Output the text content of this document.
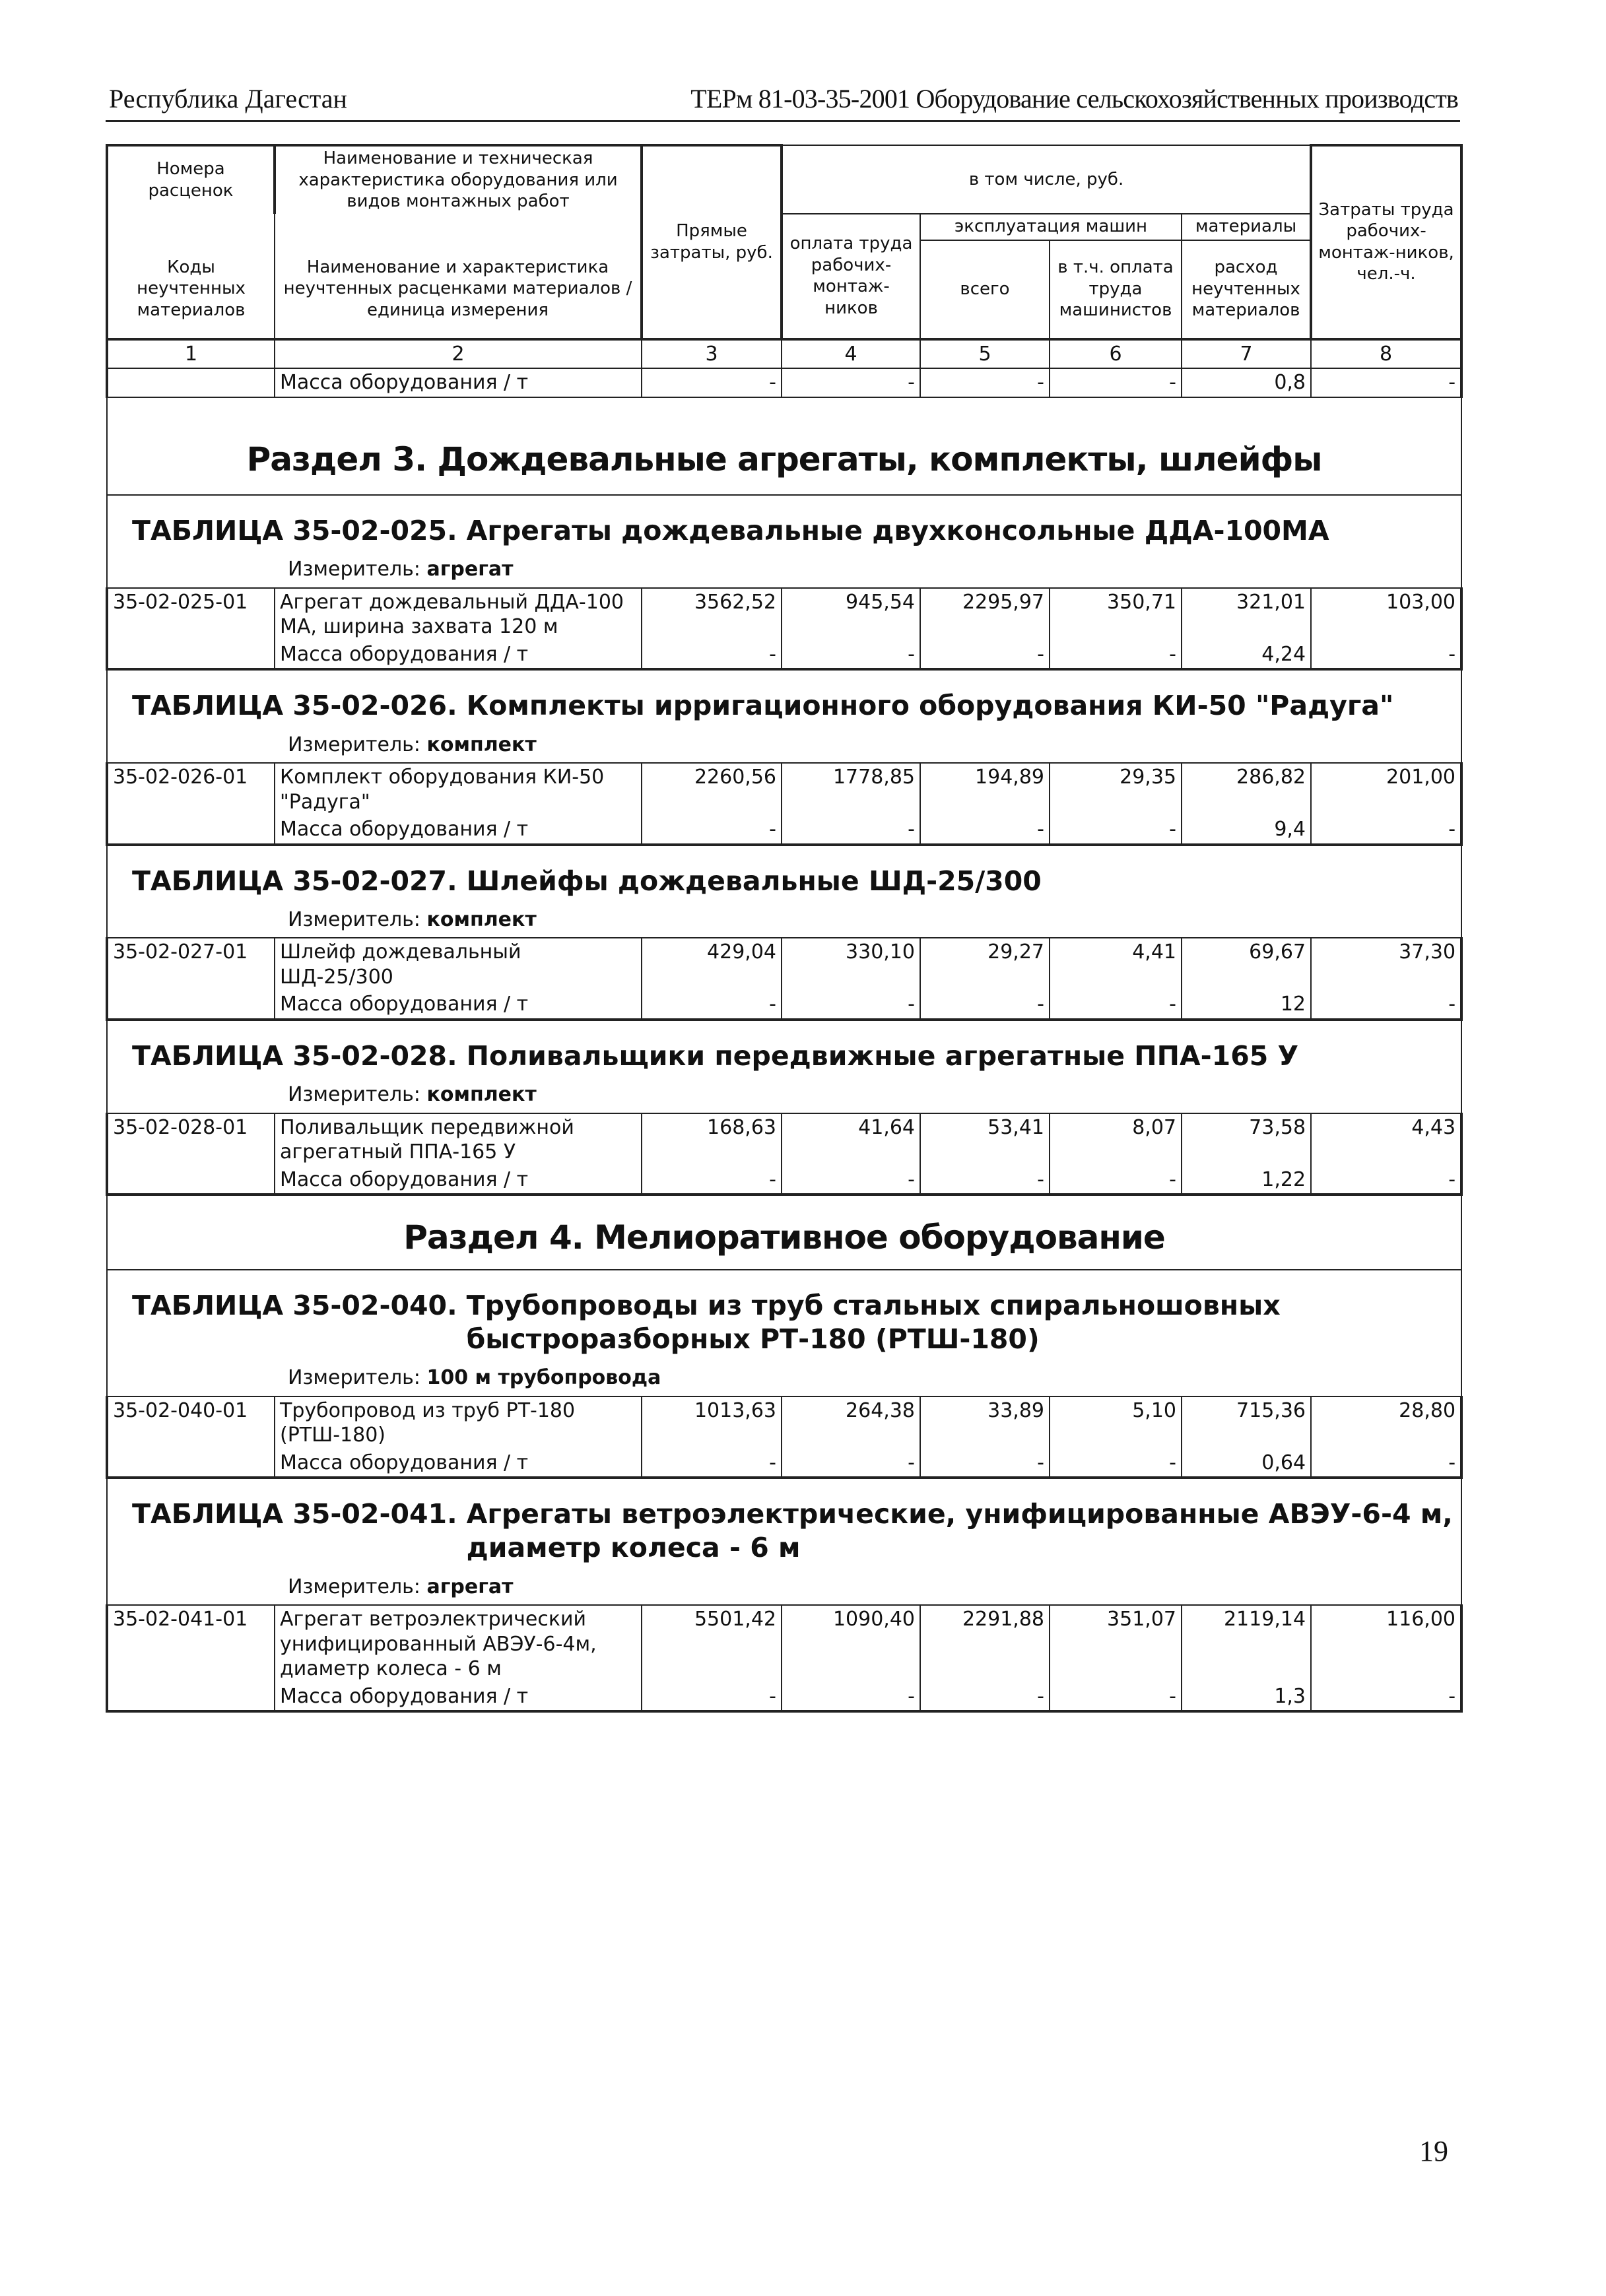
Республика Дагестан	ТЕРм 81-03-35-2001 Оборудование сельскохозяйственных производств
Номера расценок	Наименование и техническая характеристика оборудования или видов монтажных работ	Прямые затраты, руб.	в том числе, руб.				Затраты труда рабочих-монтаж-ников, чел.-ч.
			оплата труда рабочих-монтаж-ников	эксплуатация машин		материалы	
Коды неучтенных материалов	Наименование и характеристика неучтенных расценками материалов / единица измерения			всего	в т.ч. оплата труда машинистов	расход неучтенных материалов	
1	2	3	4	5	6	7	8
	Масса оборудования / т	-	-	-	-	0,8	-

Раздел 3. Дождевальные агрегаты, комплекты, шлейфы							

ТАБЛИЦА 35-02-025. Агрегаты дождевальные двухконсольные ДДА-100МА
Измеритель: агрегат							

35-02-025-01	Агрегат дождевальный ДДА-100 МА, ширина захвата 120 м	3562,52	945,54	2295,97	350,71	321,01	103,00
	Масса оборудования / т	-	-	-	-	4,24	-

ТАБЛИЦА 35-02-026. Комплекты ирригационного оборудования КИ-50 "Радуга"
Измеритель: комплект							

35-02-026-01	Комплект оборудования КИ-50 "Радуга"	2260,56	1778,85	194,89	29,35	286,82	201,00
	Масса оборудования / т	-	-	-	-	9,4	-

ТАБЛИЦА 35-02-027. Шлейфы дождевальные ШД-25/300
Измеритель: комплект							

35-02-027-01	Шлейф дождевальный ШД-25/300	429,04	330,10	29,27	4,41	69,67	37,30
	Масса оборудования / т	-	-	-	-	12	-

ТАБЛИЦА 35-02-028. Поливальщики передвижные агрегатные ППА-165 У
Измеритель: комплект							

35-02-028-01	Поливальщик передвижной агрегатный ППА-165 У	168,63	41,64	53,41	8,07	73,58	4,43
	Масса оборудования / т	-	-	-	-	1,22	-

Раздел 4. Мелиоративное оборудование							

ТАБЛИЦА 35-02-040. Трубопроводы из труб стальных спиральношовных быстроразборных РТ-180 (РТШ-180)
Измеритель: 100 м трубопровода							

35-02-040-01	Трубопровод из труб РТ-180 (РТШ-180)	1013,63	264,38	33,89	5,10	715,36	28,80
	Масса оборудования / т	-	-	-	-	0,64	-

ТАБЛИЦА 35-02-041. Агрегаты ветроэлектрические, унифицированные АВЭУ-6-4 м, диаметр колеса - 6 м
Измеритель: агрегат							

35-02-041-01	Агрегат ветроэлектрический унифицированный АВЭУ-6-4м, диаметр колеса - 6 м	5501,42	1090,40	2291,88	351,07	2119,14	116,00
	Масса оборудования / т	-	-	-	-	1,3	-
19
